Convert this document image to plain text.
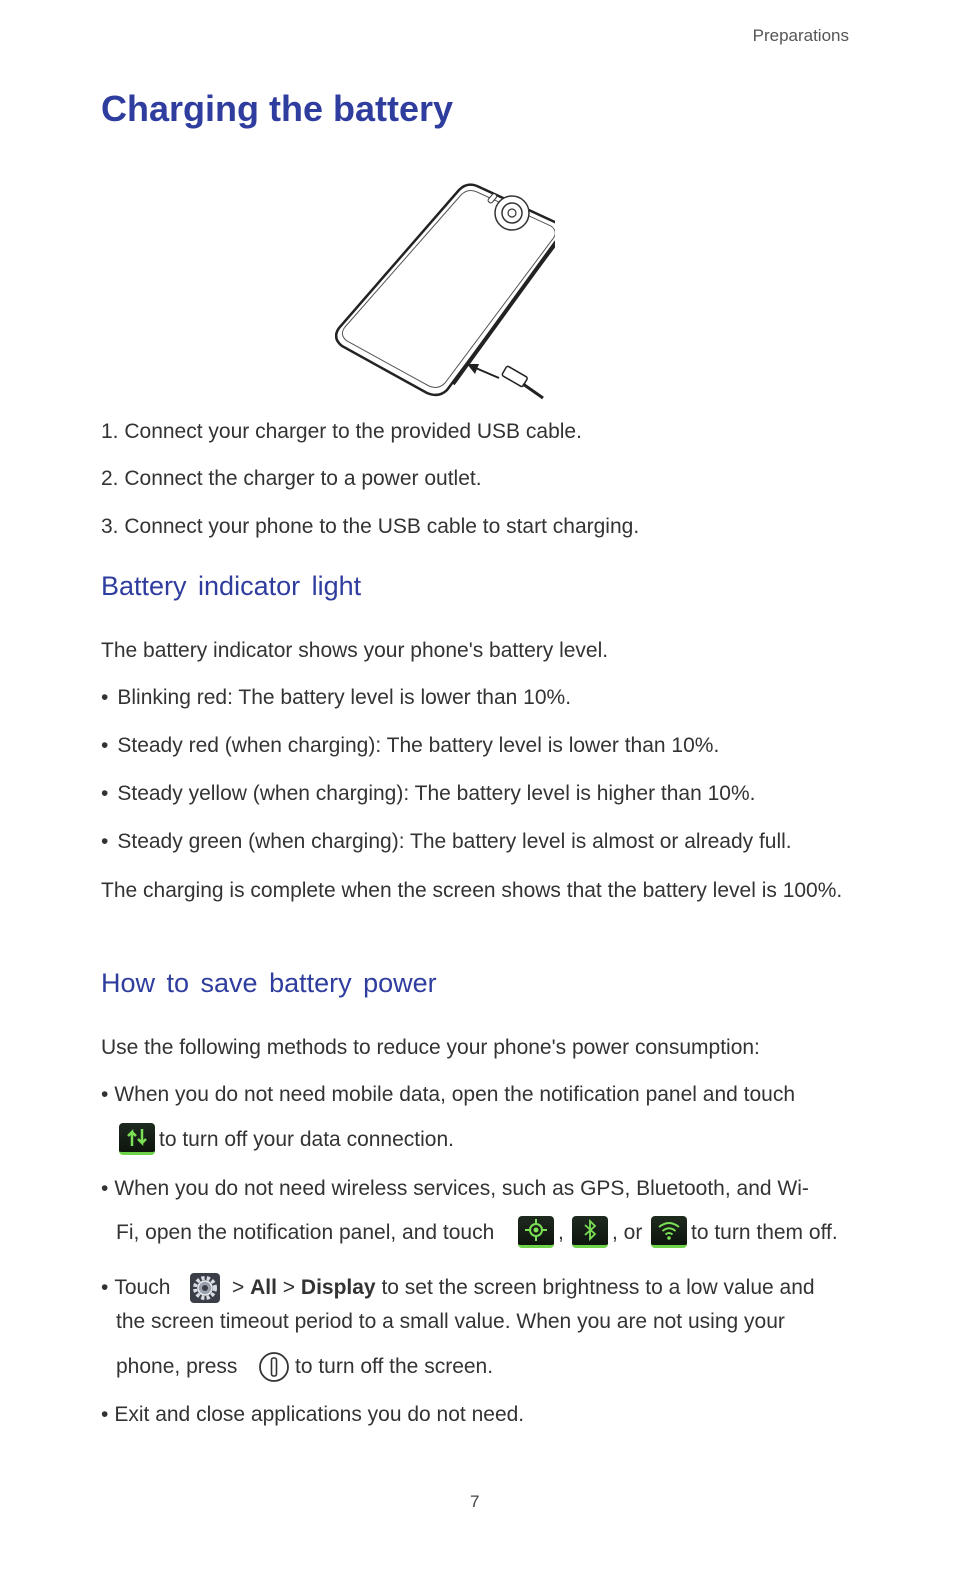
Preparations
Charging the battery

1. Connect your charger to the provided USB cable.

2. Connect the charger to a power outlet.

3. Connect your phone to the USB cable to start charging.

Battery indicator light

The battery indicator shows your phone's battery level.

• Blinking red: The battery level is lower than 10%.

• Steady red (when charging): The battery level is lower than 10%.

• Steady yellow (when charging): The battery level is higher than 10%.

• Steady green (when charging): The battery level is almost or already full.

The charging is complete when the screen shows that the battery level is 100%.

How to save battery power

Use the following methods to reduce your phone's power consumption:

• When you do not need mobile data, open the notification panel and touch

to turn off your data connection.

• When you do not need wireless services, such as GPS, Bluetooth, and Wi-

Fi, open the notification panel, and touch	, , or to turn them off.

• Touch	> All > Display to set the screen brightness to a low value and

the screen timeout period to a small value. When you are not using your

phone, press	to turn off the screen.

• Exit and close applications you do not need.

7
